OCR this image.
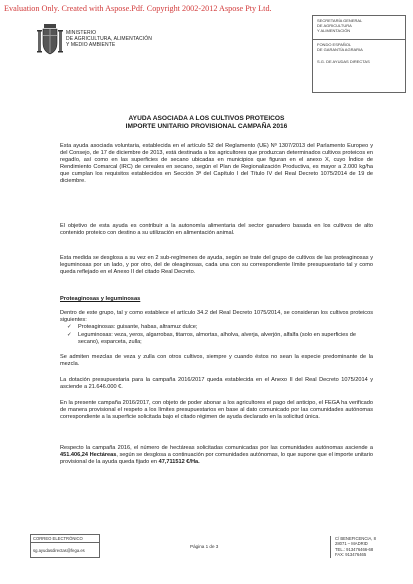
Evaluation Only. Created with Aspose.Pdf. Copyright 2002-2012 Aspose Pty Ltd.
MINISTERIO
DE AGRICULTURA, ALIMENTACIÓN
Y MEDIO AMBIENTE
SECRETARÍA GENERAL
DE AGRICULTURA
Y ALIMENTACIÓN
FONDO ESPAÑOL
DE GARANTÍA AGRARIA
S.G. DE AYUDAS DIRECTAS
AYUDA ASOCIADA A LOS CULTIVOS PROTEICOS
IMPORTE UNITARIO PROVISIONAL CAMPAÑA 2016
Esta ayuda asociada voluntaria, establecida en el artículo 52 del Reglamento (UE) Nº 1307/2013 del Parlamento Europeo y del Consejo, de 17 de diciembre de 2013, está destinada a los agricultores que produzcan determinados cultivos proteicos en regadío, así como en las superficies de secano ubicadas en municipios que figuran en el anexo X, cuyo Índice de Rendimiento Comarcal (IRC) de cereales en secano, según el Plan de Regionalización Productiva, es mayor a 2.000 kg/ha que cumplan los requisitos establecidos en Sección 3ª del Capítulo I del Título IV del Real Decreto 1075/2014 de 19 de diciembre.
El objetivo de esta ayuda es contribuir a la autonomía alimentaria del sector ganadero basada en los cultivos de alto contenido proteico con destino a su utilización en alimentación animal.
Esta medida se desglosa a su vez en 2 sub-regímenes de ayuda, según se trate del grupo de cultivos de las proteaginosas y leguminosas por un lado, y por otro, del de oleaginosas, cada una con su correspondiente límite presupuestario tal y como queda reflejado en el Anexo II del citado Real Decreto.
Proteaginosas y leguminosas
Dentro de este grupo, tal y como establece el artículo 34.2 del Real Decreto 1075/2014, se consideran los cultivos proteicos siguientes:
✓ Proteaginosas: guisante, habas, altramuz dulce;
✓ Leguminosas: veza, yeros, algarrobas, titarros, almortas, alholva, alverja, alverjón, alfalfa (solo en superficies de secano), esparceta, zulla;
Se admiten mezclas de veza y zulla con otros cultivos, siempre y cuando éstos no sean la especie predominante de la mezcla.
La dotación presupuestaria para la campaña 2016/2017 queda establecida en el Anexo II del Real Decreto 1075/2014 y asciende a 21.646.000 €.
En la presente campaña 2016/2017, con objeto de poder abonar a los agricultores el pago del anticipo, el FEGA ha verificado de manera provisional el respeto a los límites presupuestarios en base al dato comunicado por las comunidades autónomas correspondiente a la superficie solicitada bajo el citado régimen de ayuda declarado en la solicitud única.
Respecto la campaña 2016, el número de hectáreas solicitadas comunicadas por las comunidades autónomas asciende a 451.406,24 Hectáreas, según se desglosa a continuación por comunidades autónomas, lo que supone que el importe unitario provisional de la ayuda queda fijado en 47,711512 €/Ha.
CORREO ELECTRÓNICO
sg.ayudasdirectas@fega.es
Página 1 de 3
C/ BENEFICENCIA, 8
28071 – MADRID
TEL.: 913476466-68
FAX: 913476465
